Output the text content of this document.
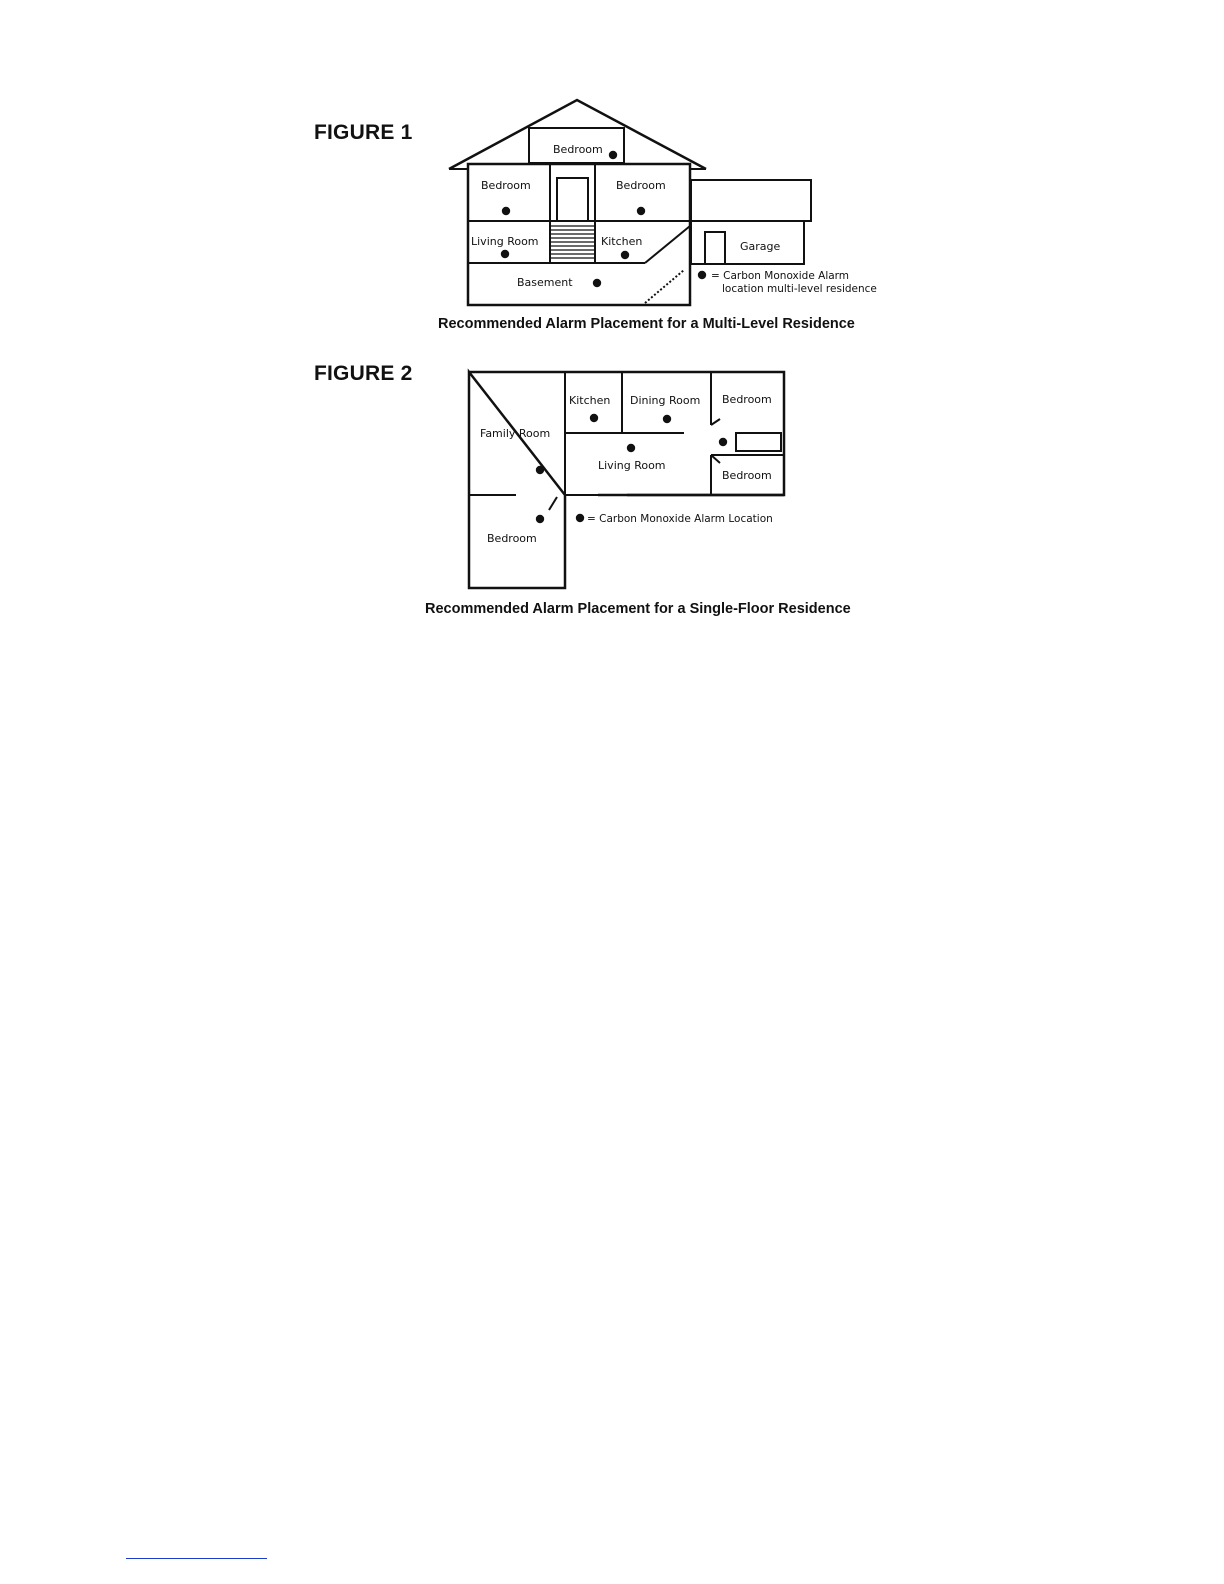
FIGURE 1
FIGURE 2
Recommended Alarm Placement for a Multi-Level Residence
Recommended Alarm Placement for a Single-Floor Residence
Bedroom
Bedroom	Bedroom
Living Room	Kitchen	Garage
Basement	= Carbon Monoxide Alarm
location multi-level residence
Kitchen Dining Room Bedroom
Family Room
Living Room
Bedroom
Bedroom
= Carbon Monoxide Alarm Location
